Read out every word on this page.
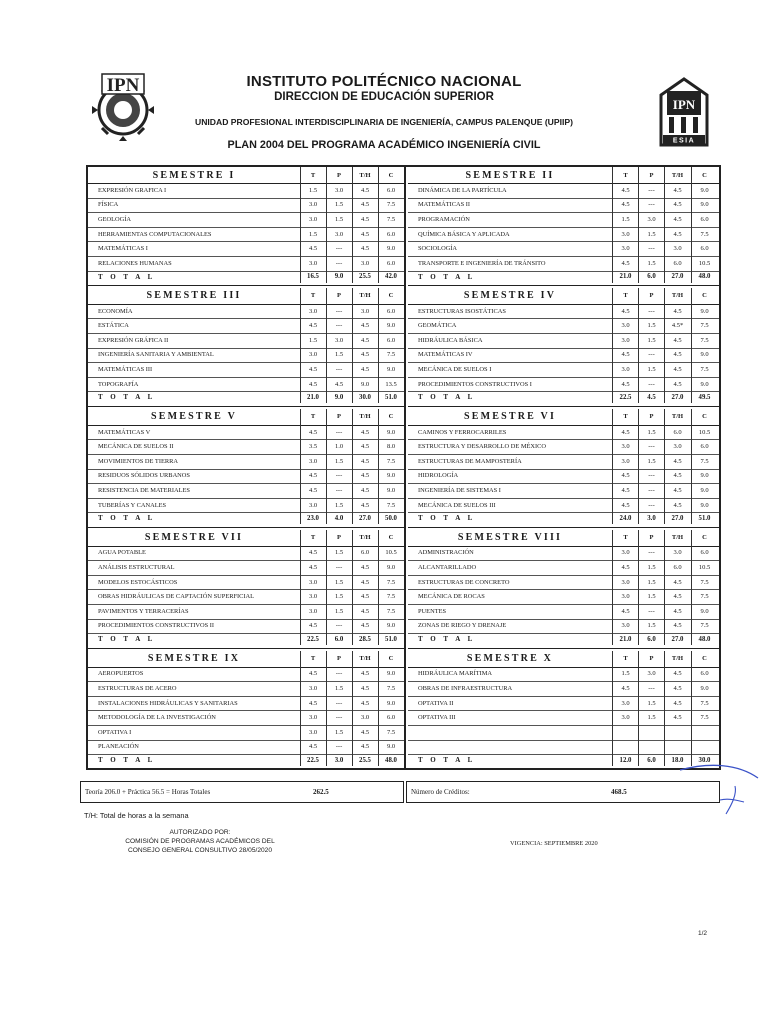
INSTITUTO POLITÉCNICO NACIONAL
DIRECCION DE EDUCACIÓN SUPERIOR
UNIDAD PROFESIONAL INTERDISCIPLINARIA DE INGENIERÍA, CAMPUS PALENQUE (UPIIP)
PLAN 2004 DEL PROGRAMA ACADÉMICO INGENIERÍA CIVIL
IPN
IPN
ESIA
SEMESTRE I	T	P	T/H	C
EXPRESIÓN GRAFICA I	1.5	3.0	4.5	6.0
FÍSICA	3.0	1.5	4.5	7.5
GEOLOGÍA	3.0	1.5	4.5	7.5
HERRAMIENTAS COMPUTACIONALES	1.5	3.0	4.5	6.0
MATEMÁTICAS I	4.5	---	4.5	9.0
RELACIONES HUMANAS	3.0	---	3.0	6.0
T O T A L	16.5	9.0	25.5	42.0
SEMESTRE III	T	P	T/H	C
ECONOMÍA	3.0	---	3.0	6.0
ESTÁTICA	4.5	---	4.5	9.0
EXPRESIÓN GRÁFICA II	1.5	3.0	4.5	6.0
INGENIERÍA SANITARIA Y AMBIENTAL	3.0	1.5	4.5	7.5
MATEMÁTICAS III	4.5	---	4.5	9.0
TOPOGRAFÍA	4.5	4.5	9.0	13.5
T O T A L	21.0	9.0	30.0	51.0
SEMESTRE V	T	P	T/H	C
MATEMÁTICAS V	4.5	---	4.5	9.0
MECÁNICA DE SUELOS II	3.5	1.0	4.5	8.0
MOVIMIENTOS DE TIERRA	3.0	1.5	4.5	7.5
RESIDUOS SÓLIDOS URBANOS	4.5	---	4.5	9.0
RESISTENCIA DE MATERIALES	4.5	---	4.5	9.0
TUBERÍAS Y CANALES	3.0	1.5	4.5	7.5
T O T A L	23.0	4.0	27.0	50.0
SEMESTRE VII	T	P	T/H	C
AGUA POTABLE	4.5	1.5	6.0	10.5
ANÁLISIS ESTRUCTURAL	4.5	---	4.5	9.0
MODELOS ESTOCÁSTICOS	3.0	1.5	4.5	7.5
OBRAS HIDRÁULICAS DE CAPTACIÓN SUPERFICIAL	3.0	1.5	4.5	7.5
PAVIMENTOS Y TERRACERÍAS	3.0	1.5	4.5	7.5
PROCEDIMIENTOS CONSTRUCTIVOS II	4.5	---	4.5	9.0
T O T A L	22.5	6.0	28.5	51.0
SEMESTRE IX	T	P	T/H	C
AEROPUERTOS	4.5	---	4.5	9.0
ESTRUCTURAS DE ACERO	3.0	1.5	4.5	7.5
INSTALACIONES HIDRÁULICAS Y SANITARIAS	4.5	---	4.5	9.0
METODOLOGÍA DE LA INVESTIGACIÓN	3.0	---	3.0	6.0
OPTATIVA I	3.0	1.5	4.5	7.5
PLANEACIÓN	4.5	---	4.5	9.0
T O T A L	22.5	3.0	25.5	48.0
SEMESTRE II	T	P	T/H	C
DINÁMICA DE LA PARTÍCULA	4.5	---	4.5	9.0
MATEMÁTICAS II	4.5	---	4.5	9.0
PROGRAMACIÓN	1.5	3.0	4.5	6.0
QUÍMICA BÁSICA Y APLICADA	3.0	1.5	4.5	7.5
SOCIOLOGÍA	3.0	---	3.0	6.0
TRANSPORTE E INGENIERÍA DE TRÁNSITO	4.5	1.5	6.0	10.5
T O T A L	21.0	6.0	27.0	48.0
SEMESTRE IV	T	P	T/H	C
ESTRUCTURAS ISOSTÁTICAS	4.5	---	4.5	9.0
GEOMÁTICA	3.0	1.5	4.5*	7.5
HIDRÁULICA BÁSICA	3.0	1.5	4.5	7.5
MATEMÁTICAS IV	4.5	---	4.5	9.0
MECÁNICA DE SUELOS I	3.0	1.5	4.5	7.5
PROCEDIMIENTOS CONSTRUCTIVOS I	4.5	---	4.5	9.0
T O T A L	22.5	4.5	27.0	49.5
SEMESTRE VI	T	P	T/H	C
CAMINOS Y FERROCARRILES	4.5	1.5	6.0	10.5
ESTRUCTURA Y DESARROLLO DE MÉXICO	3.0	---	3.0	6.0
ESTRUCTURAS DE MAMPOSTERÍA	3.0	1.5	4.5	7.5
HIDROLOGÍA	4.5	---	4.5	9.0
INGENIERÍA DE SISTEMAS I	4.5	---	4.5	9.0
MECÁNICA DE SUELOS III	4.5	---	4.5	9.0
T O T A L	24.0	3.0	27.0	51.0
SEMESTRE VIII	T	P	T/H	C
ADMINISTRACIÓN	3.0	---	3.0	6.0
ALCANTARILLADO	4.5	1.5	6.0	10.5
ESTRUCTURAS DE CONCRETO	3.0	1.5	4.5	7.5
MECÁNICA DE ROCAS	3.0	1.5	4.5	7.5
PUENTES	4.5	---	4.5	9.0
ZONAS DE RIEGO Y DRENAJE	3.0	1.5	4.5	7.5
T O T A L	21.0	6.0	27.0	48.0
SEMESTRE X	T	P	T/H	C
HIDRÁULICA MARÍTIMA	1.5	3.0	4.5	6.0
OBRAS DE INFRAESTRUCTURA	4.5	---	4.5	9.0
OPTATIVA II	3.0	1.5	4.5	7.5
OPTATIVA III	3.0	1.5	4.5	7.5
T O T A L	12.0	6.0	18.0	30.0
Teoría 206.0 + Práctica 56.5 = Horas Totales	262.5	Número de Créditos:	468.5
T/H: Total de horas a la semana
AUTORIZADO POR:
COMISIÓN DE PROGRAMAS ACADÉMICOS DEL
CONSEJO GENERAL CONSULTIVO 28/05/2020
VIGENCIA: SEPTIEMBRE 2020
1/2
